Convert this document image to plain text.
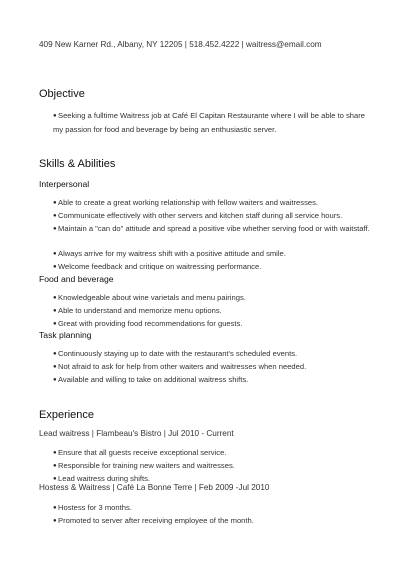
409 New Karner Rd., Albany, NY 12205 | 518.452.4222 | waitress@email.com
Objective
●Seeking a fulltime Waitress job at Café El Capitan Restaurante where I will be able to share my passion for food and beverage by being an enthusiastic server.
Skills & Abilities
Interpersonal
●Able to create a great working relationship with fellow waiters and waitresses.
●Communicate effectively with other servers and kitchen staff during all service hours.
●Maintain a "can do" attitude and spread a positive vibe whether serving food or with waitstaff.
●Always arrive for my waitress shift with a positive attitude and smile.
●Welcome feedback and critique on waitressing performance.
Food and beverage
●Knowledgeable about wine varietals and menu pairings.
●Able to understand and memorize menu options.
●Great with providing food recommendations for guests.
Task planning
●Continuously staying up to date with the restaurant's scheduled events.
●Not afraid to ask for help from other waiters and waitresses when needed.
●Available and willing to take on additional waitress shifts.
Experience
Lead waitress | Flambeau's Bistro | Jul 2010 - Current
●Ensure that all guests receive exceptional service.
●Responsible for training new waiters and waitresses.
●Lead waitress during shifts.
Hostess & Waitress | Café La Bonne Terre | Feb 2009 -Jul 2010
●Hostess for 3 months.
●Promoted to server after receiving employee of the month.
